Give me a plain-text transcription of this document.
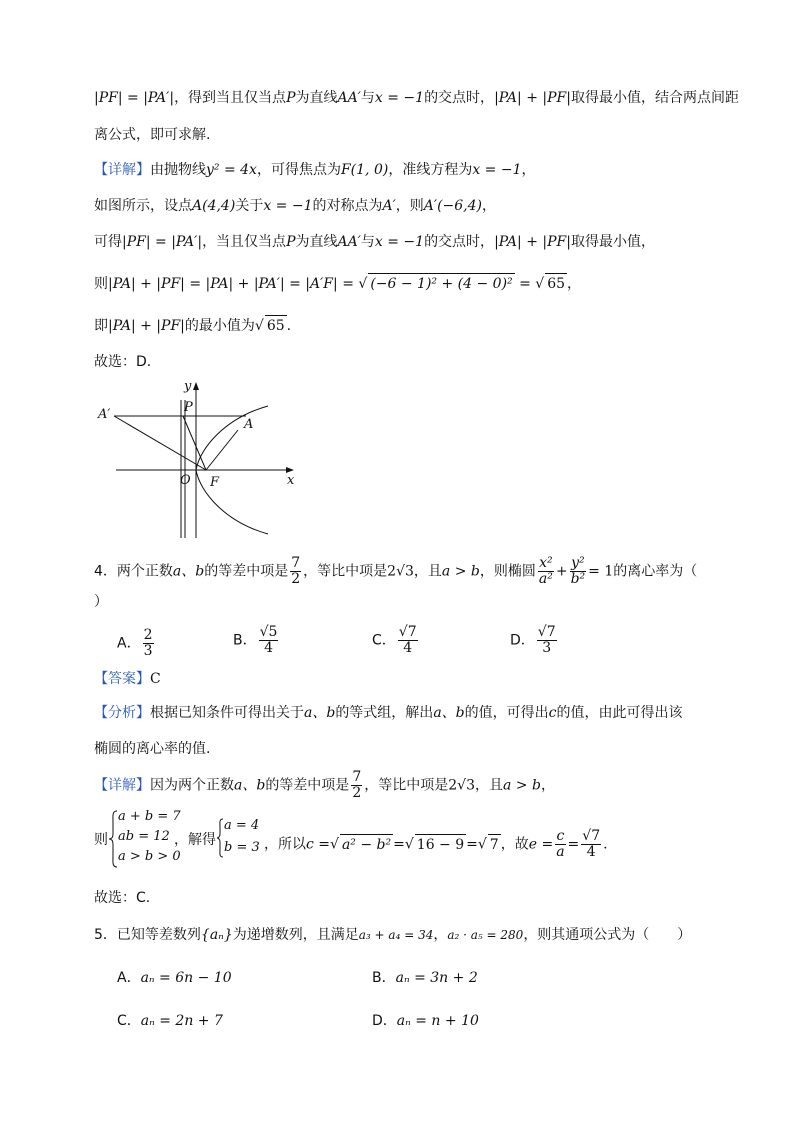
|PF| = |PA′|，得到当且仅当点P为直线AA′与x = −1的交点时，|PA| + |PF|取得最小值，结合两点间距
离公式，即可求解.
【详解】由抛物线y² = 4x，可得焦点为F(1, 0)，准线方程为x = −1，
如图所示，设点A(4,4)关于x = −1的对称点为A′，则A′(−6,4)，
可得|PF| = |PA′|，当且仅当点P为直线AA′与x = −1的交点时，|PA| + |PF|取得最小值，
则|PA| + |PF| = |PA| + |PA′| = |A′F| = √ (−6 − 1)² + (4 − 0)² = √ 65 ，
即|PA| + |PF|的最小值为√ 65 .
故选：D.
y
x
O F
P
A
A′
4．两个正数a、b的等差中项是 $\frac{7}{2}$ ，等比中项是2√3，且a > b，则椭圆 $\frac{\text{x²}}{\text{a²}} + \frac{\text{y²}}{\text{b²}} = 1$的离心率为（
）
A． $\frac{2}{3}$	B． $\frac{√5}{4}$	C． $\frac{√7}{4}$	D． $\frac{√7}{3}$
【答案】C
【分析】根据已知条件可得出关于a、b的等式组，解出a、b的值，可得出c的值，由此可得出该
椭圆的离心率的值.
【详解】因为两个正数a、b的等差中项是 $\frac{7}{2}$ ，等比中项是2√3，且a > b，
则
a + b = 7
ab = 12
a > b > 0
，解得
a = 4
b = 3 ，所以c =√ a² − b² =√ 16 − 9 =√ 7 ，故$e = \frac{c}{a} = \frac{√7}{4}$ .
故选：C.
5．已知等差数列{aₙ}为递增数列，且满足a₃ + a₄ = 34，a₂ · a₅ = 280，则其通项公式为（　　）
A．aₙ = 6n − 10	B．aₙ = 3n + 2
C．aₙ = 2n + 7	D．aₙ = n + 10
